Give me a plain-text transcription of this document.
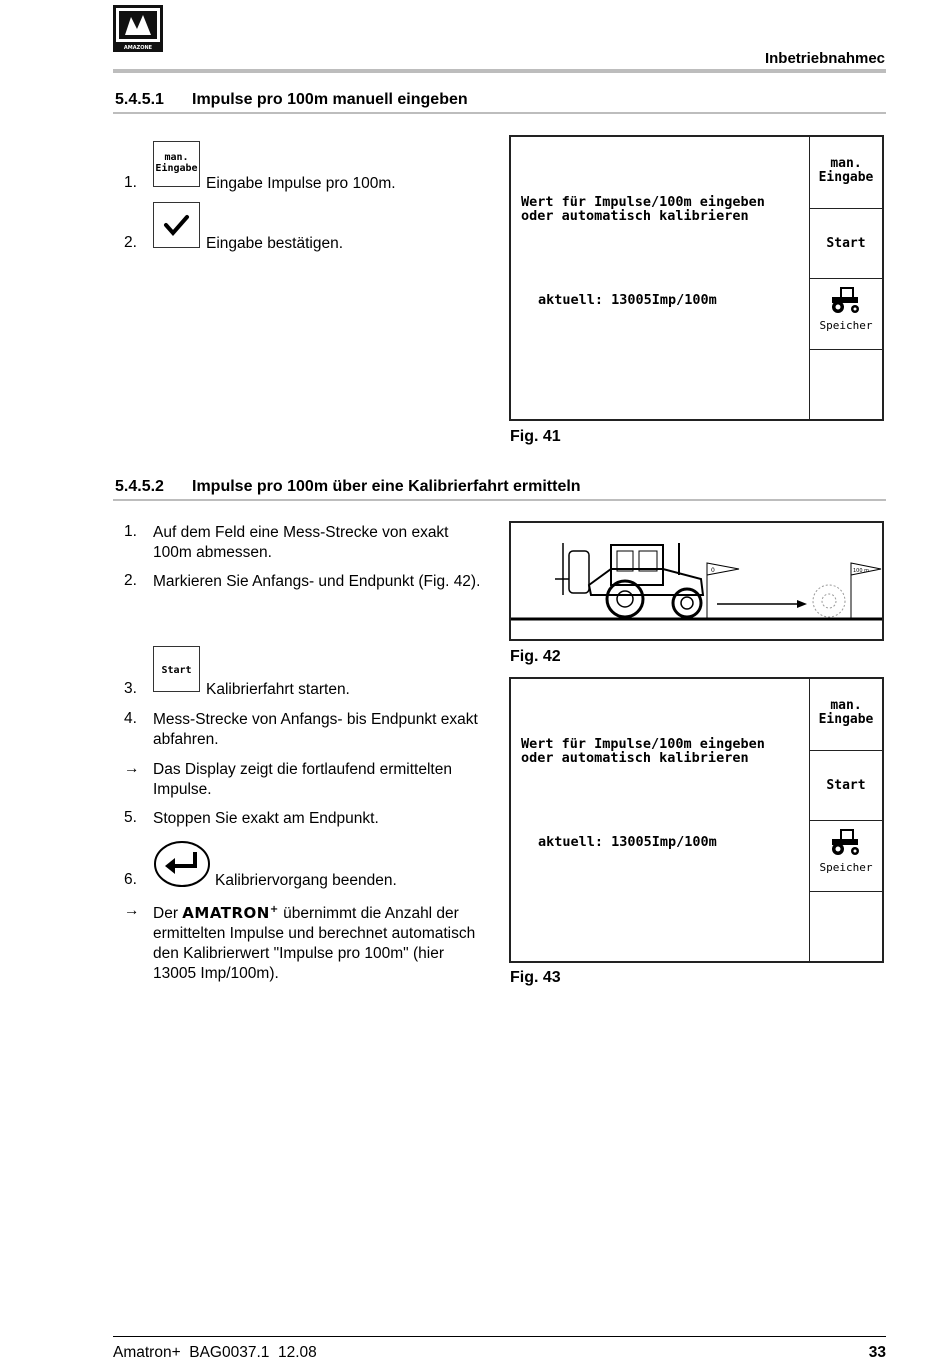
AMAZONE
Inbetriebnahmec
5.4.5.1 Impulse pro 100m manuell eingeben
1.
man.
Eingabe
Eingabe Impulse pro 100m.
2.	Eingabe bestätigen.
Wert für Impulse/100m eingeben
oder automatisch kalibrieren
aktuell: 13005Imp/100m
man.
Eingabe
Start

Speicher
Fig. 41
5.4.5.2 Impulse pro 100m über eine Kalibrierfahrt ermitteln
1. Auf dem Feld eine Mess-Strecke von exakt 100m abmessen.
2. Markieren Sie Anfangs- und Endpunkt (Fig. 42).
0	100 m
Fig. 42
3.
Start
Kalibrierfahrt starten.
4. Mess-Strecke von Anfangs- bis Endpunkt exakt abfahren.
→ Das Display zeigt die fortlaufend ermittelten Impulse.
5. Stoppen Sie exakt am Endpunkt.
6.	Kalibriervorgang beenden.
→ Der AMATRON+ übernimmt die Anzahl der ermittelten Impulse und berechnet automatisch den Kalibrierwert "Impulse pro 100m" (hier 13005 Imp/100m).
Wert für Impulse/100m eingeben
oder automatisch kalibrieren
aktuell: 13005Imp/100m
man.
Eingabe
Start

Speicher
Fig. 43
Amatron+  BAG0037.1  12.08	33
